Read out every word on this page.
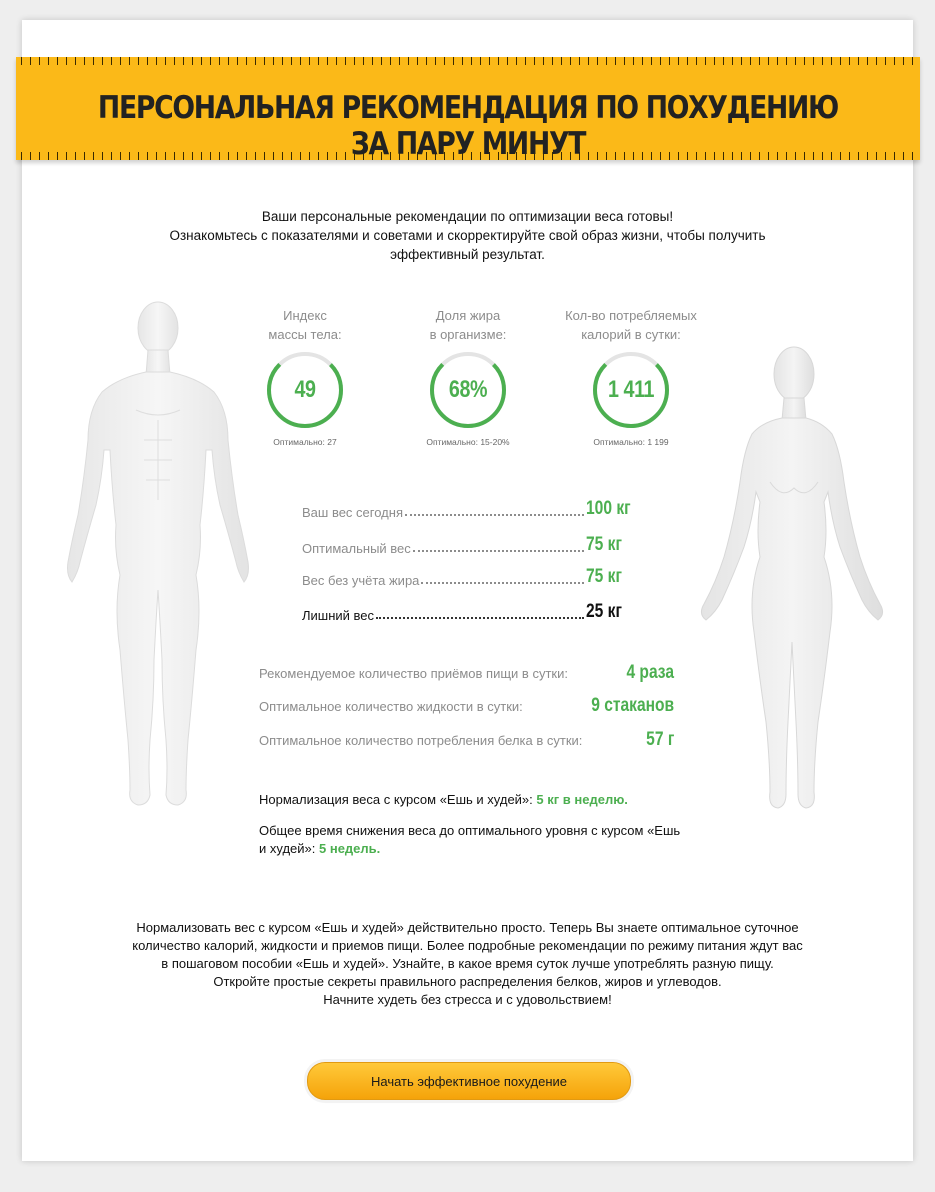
ПЕРСОНАЛЬНАЯ РЕКОМЕНДАЦИЯ ПО ПОХУДЕНИЮ ЗА ПАРУ МИНУТ
Ваши персональные рекомендации по оптимизации веса готовы!
Ознакомьтесь с показателями и советами и скорректируйте свой образ жизни, чтобы получить эффективный результат.
Индекс
массы тела:
49
Оптимально: 27
Доля жира
в организме:
68%
Оптимально: 15-20%
Кол-во потребляемых
калорий в сутки:
1 411
Оптимально: 1 199
Ваш вес сегодня	100 кг
Оптимальный вес	75 кг
Вес без учёта жира	75 кг
Лишний вес	25 кг
Рекомендуемое количество приёмов пищи в сутки:	4 раза
Оптимальное количество жидкости в сутки:	9 стаканов
Оптимальное количество потребления белка в сутки:	57 г
Нормализация веса с курсом «Ешь и худей»: 5 кг в неделю.
Общее время снижения веса до оптимального уровня с курсом «Ешь и худей»: 5 недель.
Нормализовать вес с курсом «Ешь и худей» действительно просто. Теперь Вы знаете оптимальное суточное
количество калорий, жидкости и приемов пищи. Более подробные рекомендации по режиму питания ждут вас
в пошаговом пособии «Ешь и худей». Узнайте, в какое время суток лучше употреблять разную пищу.
Откройте простые секреты правильного распределения белков, жиров и углеводов.
Начните худеть без стресса и с удовольствием!
Начать эффективное похудение
